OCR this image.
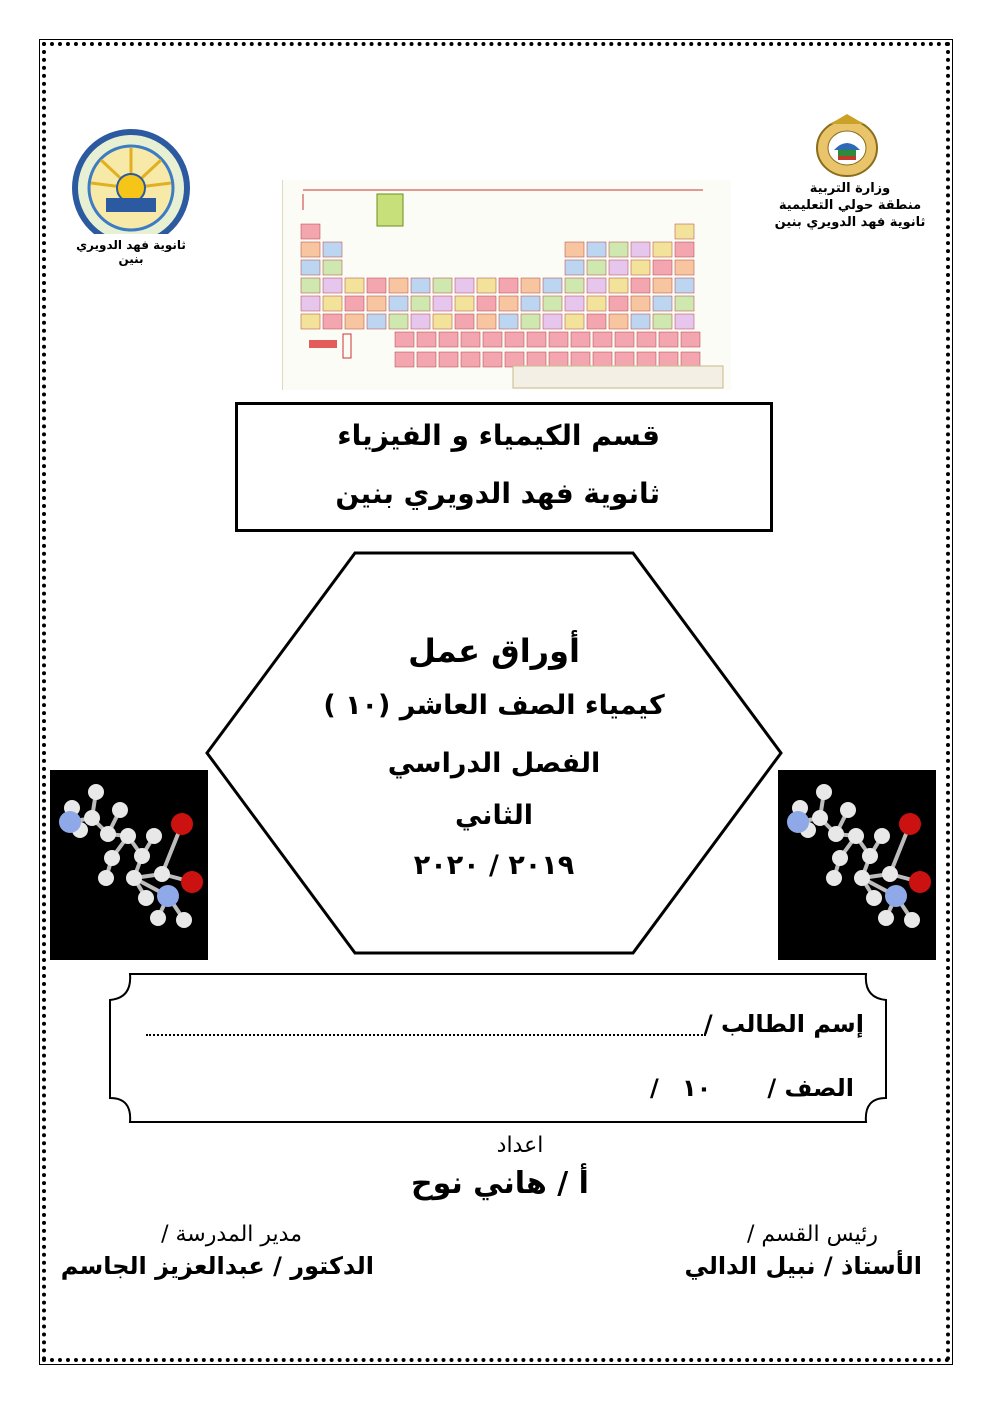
وزارة التربية
منطقة حولي التعليمية
ثانوية فهد الدويري بنين
ثانوية فهد الدويري بنين
قسم الكيمياء و الفيزياء
ثانوية فهد الدويري بنين
أوراق عمل
كيمياء الصف العاشر (١٠ )
الفصل الدراسي
الثاني
٢٠١٩ / ٢٠٢٠
إسم الطالب /
الصف /
١٠
/
اعداد
أ / هاني نوح
رئيس القسم /
الأستاذ / نبيل الدالي
مدير المدرسة /
الدكتور / عبدالعزيز الجاسم
